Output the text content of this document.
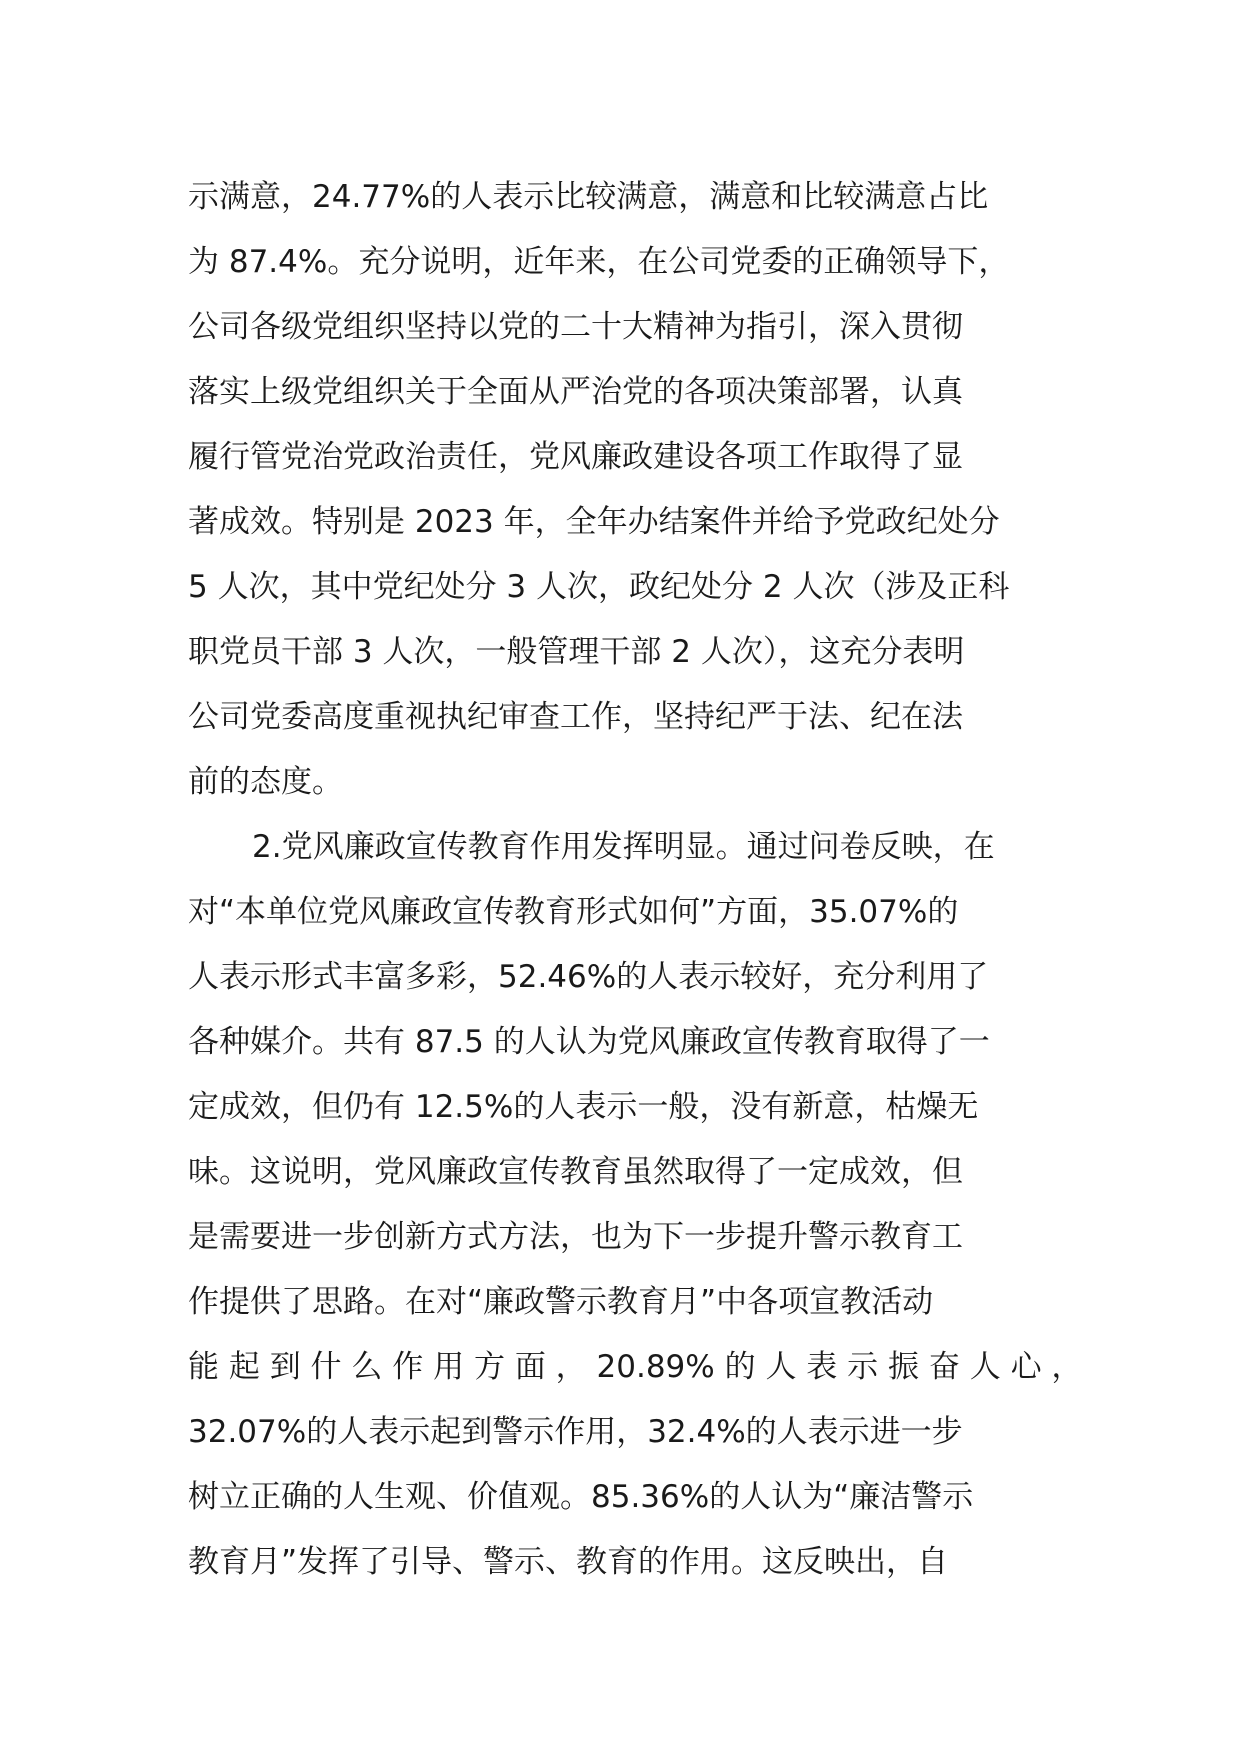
示满意，24.77%的人表示比较满意，满意和比较满意占比
为 87.4%。充分说明，近年来，在公司党委的正确领导下，
公司各级党组织坚持以党的二十大精神为指引，深入贯彻
落实上级党组织关于全面从严治党的各项决策部署，认真
履行管党治党政治责任，党风廉政建设各项工作取得了显
著成效。特别是 2023 年，全年办结案件并给予党政纪处分
5 人次，其中党纪处分 3 人次，政纪处分 2 人次（涉及正科
职党员干部 3 人次，一般管理干部 2 人次），这充分表明
公司党委高度重视执纪审查工作，坚持纪严于法、纪在法
前的态度。
2.党风廉政宣传教育作用发挥明显。通过问卷反映，在
对“本单位党风廉政宣传教育形式如何”方面，35.07%的
人表示形式丰富多彩，52.46%的人表示较好，充分利用了
各种媒介。共有 87.5 的人认为党风廉政宣传教育取得了一
定成效，但仍有 12.5%的人表示一般，没有新意，枯燥无
味。这说明，党风廉政宣传教育虽然取得了一定成效，但
是需要进一步创新方式方法，也为下一步提升警示教育工
作提供了思路。在对“廉政警示教育月”中各项宣教活动
能 起 到 什 么 作 用 方 面 ， 20.89% 的 人 表 示 振 奋 人 心 ，
32.07%的人表示起到警示作用，32.4%的人表示进一步
树立正确的人生观、价值观。85.36%的人认为“廉洁警示
教育月”发挥了引导、警示、教育的作用。这反映出，自
